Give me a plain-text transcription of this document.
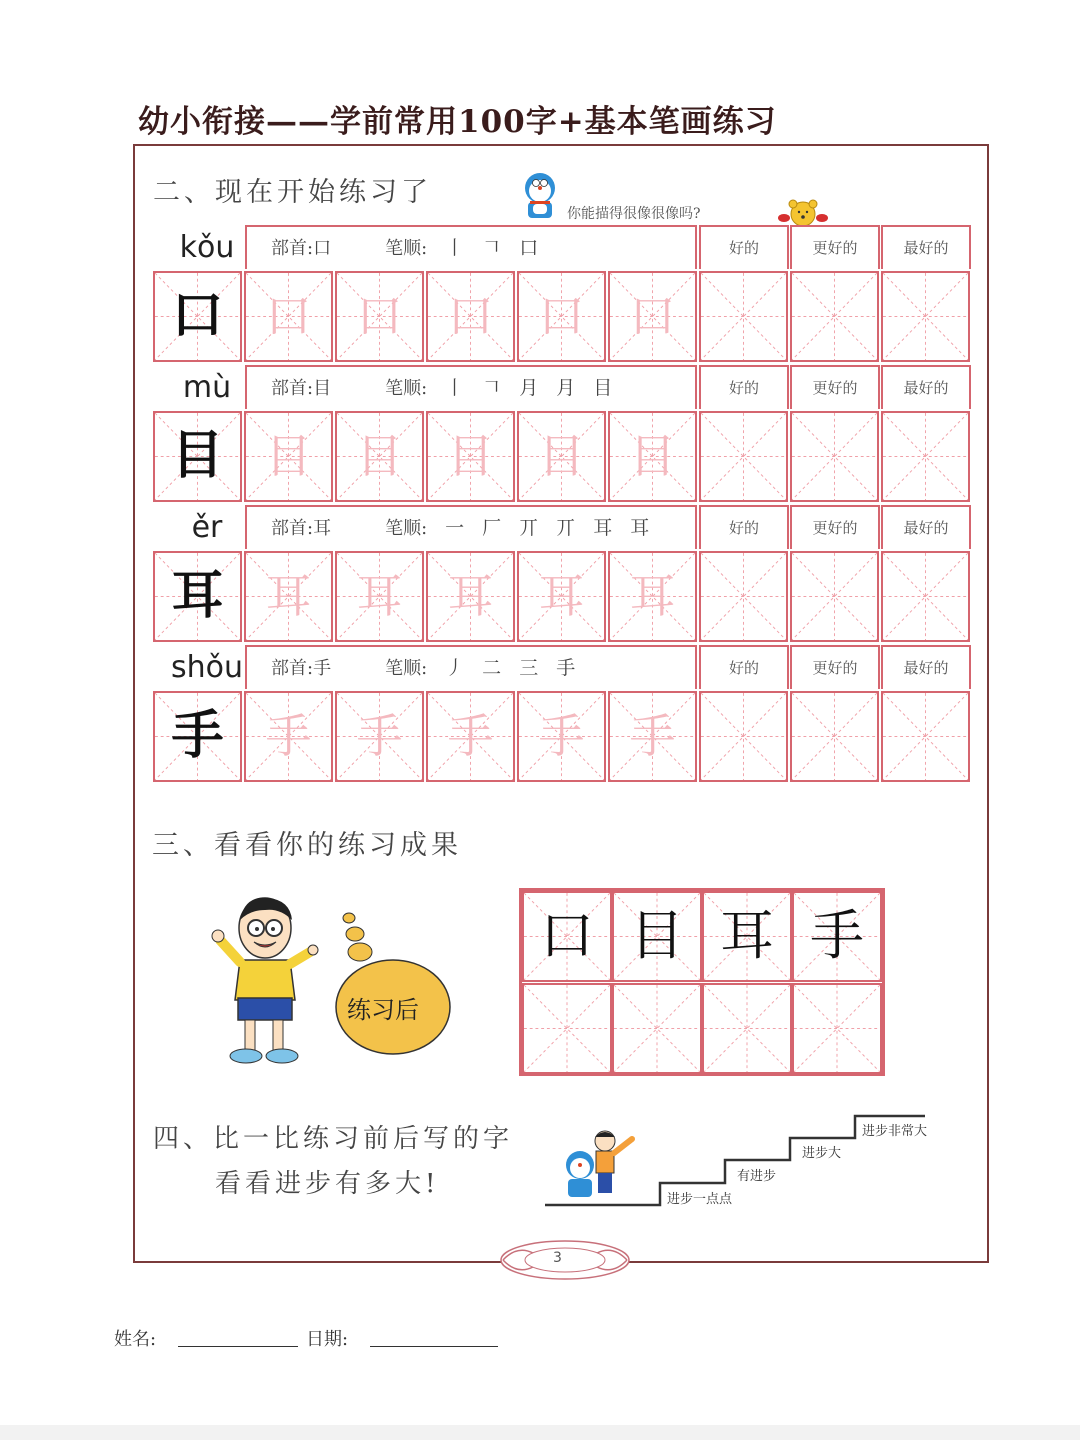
幼小衔接——学前常用100字+基本笔画练习
二、现在开始练习了
你能描得很像很像吗?
kǒu	部首:口	笔顺: 丨 𠃍 口	好的	更好的	最好的
口 口 口 口 口 口
mù	部首:目	笔顺: 丨 𠃍 月 月 目	好的	更好的	最好的
目 目 目 目 目 目
ěr	部首:耳	笔顺: 一 厂 丌 丌 耳 耳	好的	更好的	最好的
耳 耳 耳 耳 耳 耳
shǒu	部首:手	笔顺: 丿 二 三 手	好的	更好的	最好的
手 手 手 手 手 手
三、看看你的练习成果
练习后
口 目 耳 手
四、比一比练习前后写的字
看看进步有多大!
进步一点点
有进步
进步大
进步非常大
3
姓名:	日期:
